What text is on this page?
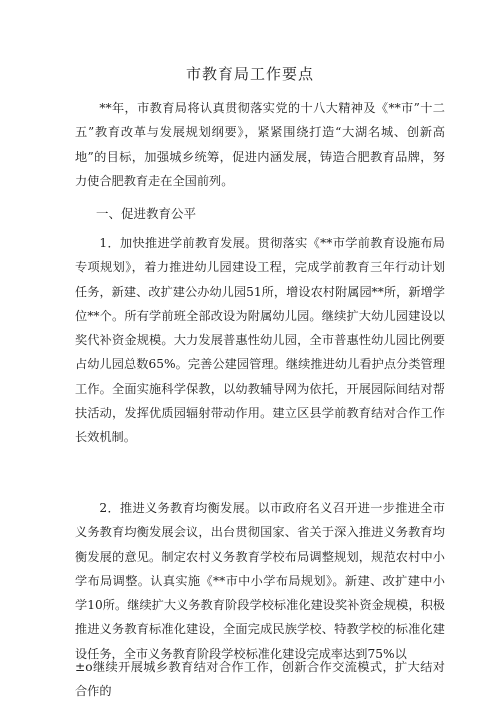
市教育局工作要点

**年，市教育局将认真贯彻落实党的十八大精神及《**市”十二五”教育改革与发展规划纲要》，紧紧围绕打造“大湖名城、创新高地”的目标，加强城乡统筹，促进内涵发展，铸造合肥教育品牌，努力使合肥教育走在全国前列。

一、促进教育公平

1．加快推进学前教育发展。贯彻落实《**市学前教育设施布局专项规划》，着力推进幼儿园建设工程，完成学前教育三年行动计划任务，新建、改扩建公办幼儿园51所，增设农村附属园**所，新增学位**个。所有学前班全部改设为附属幼儿园。继续扩大幼儿园建设以奖代补资金规模。大力发展普惠性幼儿园，全市普惠性幼儿园比例要占幼儿园总数65%。完善公建园管理。继续推进幼儿看护点分类管理工作。全面实施科学保教，以幼教辅导网为依托，开展园际间结对帮扶活动，发挥优质园辐射带动作用。建立区县学前教育结对合作工作长效机制。

2．推进义务教育均衡发展。以市政府名义召开进一步推进全市义务教育均衡发展会议，出台贯彻国家、省关于深入推进义务教育均衡发展的意见。制定农村义务教育学校布局调整规划，规范农村中小学布局调整。认真实施《**市中小学布局规划》。新建、改扩建中小学10所。继续扩大义务教育阶段学校标准化建设奖补资金规模，积极推进义务教育标准化建设，全面完成民族学校、特教学校的标准化建设任务，全市义务教育阶段学校标准化建设完成率达到75%以

±o继续开展城乡教育结对合作工作，创新合作交流模式，扩大结对合作的
